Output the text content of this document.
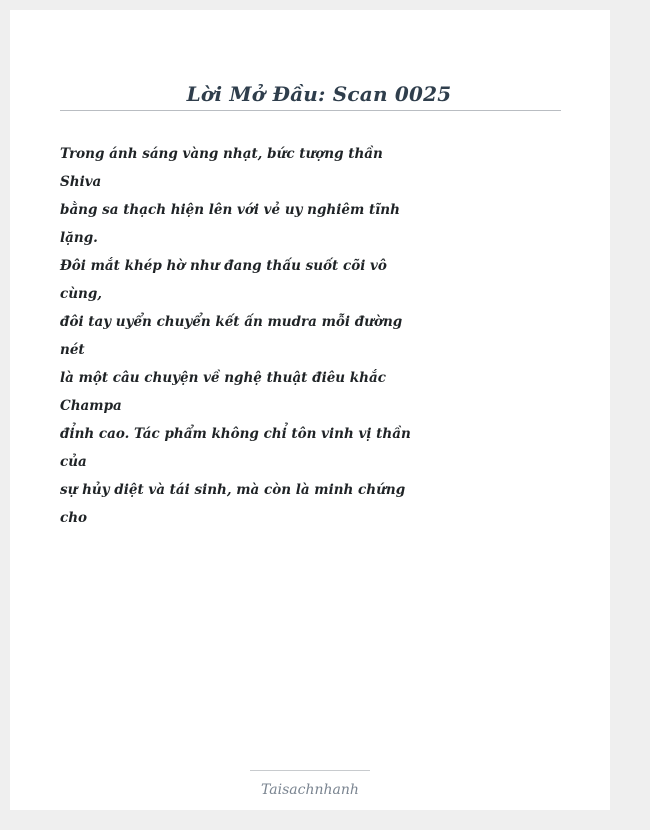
Lời Mở Đầu: Scan 0025
Trong ánh sáng vàng nhạt, bức tượng thần
Shiva
bằng sa thạch hiện lên với vẻ uy nghiêm tĩnh
lặng.
Đôi mắt khép hờ như đang thấu suốt cõi vô
cùng,
đôi tay uyển chuyển kết ấn mudra mỗi đường
nét
là một câu chuyện về nghệ thuật điêu khắc
Champa
đỉnh cao. Tác phẩm không chỉ tôn vinh vị thần
của
sự hủy diệt và tái sinh, mà còn là minh chứng
cho
Taisachnhanh
